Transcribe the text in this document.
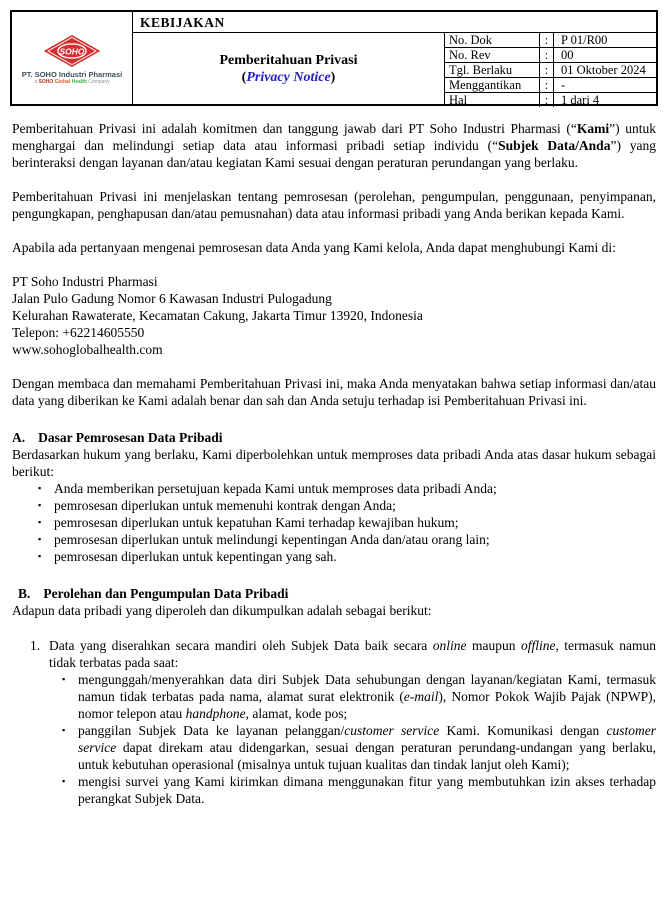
SOHO
PT. SOHO Industri Pharmasi
a SOHO Global Health Company
KEBIJAKAN
Pemberitahuan Privasi
(Privacy Notice)
No. Dok	:	P 01/R00
No. Rev	:	00
Tgl. Berlaku	:	01 Oktober 2024
Menggantikan	:	-
Hal	:	1 dari 4

Pemberitahuan Privasi ini adalah komitmen dan tanggung jawab dari PT Soho Industri Pharmasi (“Kami”) untuk menghargai dan melindungi setiap data atau informasi pribadi setiap individu (“Subjek Data/Anda”) yang berinteraksi dengan layanan dan/atau kegiatan Kami sesuai dengan peraturan perundangan yang berlaku.

Pemberitahuan Privasi ini menjelaskan tentang pemrosesan (perolehan, pengumpulan, penggunaan, penyimpanan, pengungkapan, penghapusan dan/atau pemusnahan) data atau informasi pribadi yang Anda berikan kepada Kami.

Apabila ada pertanyaan mengenai pemrosesan data Anda yang Kami kelola, Anda dapat menghubungi Kami di:

PT Soho Industri Pharmasi

Jalan Pulo Gadung Nomor 6 Kawasan Industri Pulogadung

Kelurahan Rawaterate, Kecamatan Cakung, Jakarta Timur 13920, Indonesia

Telepon: +62214605550

www.sohoglobalhealth.com

Dengan membaca dan memahami Pemberitahuan Privasi ini, maka Anda menyatakan bahwa setiap informasi dan/atau data yang diberikan ke Kami adalah benar dan sah dan Anda setuju terhadap isi Pemberitahuan Privasi ini.

A. Dasar Pemrosesan Data Pribadi

Berdasarkan hukum yang berlaku, Kami diperbolehkan untuk memproses data pribadi Anda atas dasar hukum sebagai berikut:

▪ Anda memberikan persetujuan kepada Kami untuk memproses data pribadi Anda;
▪ pemrosesan diperlukan untuk memenuhi kontrak dengan Anda;
▪ pemrosesan diperlukan untuk kepatuhan Kami terhadap kewajiban hukum;
▪ pemrosesan diperlukan untuk melindungi kepentingan Anda dan/atau orang lain;
▪ pemrosesan diperlukan untuk kepentingan yang sah.
B. Perolehan dan Pengumpulan Data Pribadi

Adapun data pribadi yang diperoleh dan dikumpulkan adalah sebagai berikut:

1. Data yang diserahkan secara mandiri oleh Subjek Data baik secara online maupun offline, termasuk namun tidak terbatas pada saat:
▪ mengunggah/menyerahkan data diri Subjek Data sehubungan dengan layanan/kegiatan Kami, termasuk namun tidak terbatas pada nama, alamat surat elektronik (e-mail), Nomor Pokok Wajib Pajak (NPWP), nomor telepon atau handphone, alamat, kode pos;
▪ panggilan Subjek Data ke layanan pelanggan/customer service Kami. Komunikasi dengan customer service dapat direkam atau didengarkan, sesuai dengan peraturan perundang-undangan yang berlaku, untuk kebutuhan operasional (misalnya untuk tujuan kualitas dan tindak lanjut oleh Kami);
▪ mengisi survei yang Kami kirimkan dimana menggunakan fitur yang membutuhkan izin akses terhadap perangkat Subjek Data.
